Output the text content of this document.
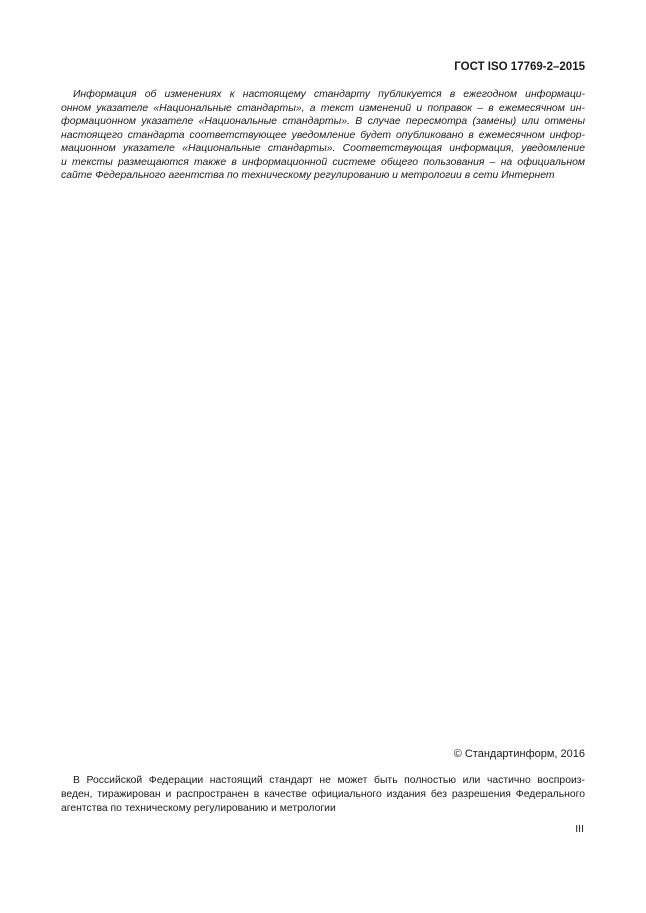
ГОСТ ISO 17769-2–2015
Информация об изменениях к настоящему стандарту публикуется в ежегодном информаци-
онном указателе «Национальные стандарты», а текст изменений и поправок – в ежемесячном ин-
формационном указателе «Национальные стандарты». В случае пересмотра (замены) или отмены
настоящего стандарта соответствующее уведомление будет опубликовано в ежемесячном инфор-
мационном указателе «Национальные стандарты». Соответствующая информация, уведомление
и тексты размещаются также в информационной системе общего пользования – на официальном
сайте Федерального агентства по техническому регулированию и метрологии в сети Интернет
© Стандартинформ, 2016
В Российской Федерации настоящий стандарт не может быть полностью или частично воспроиз-
веден, тиражирован и распространен в качестве официального издания без разрешения Федерального
агентства по техническому регулированию и метрологии
III
